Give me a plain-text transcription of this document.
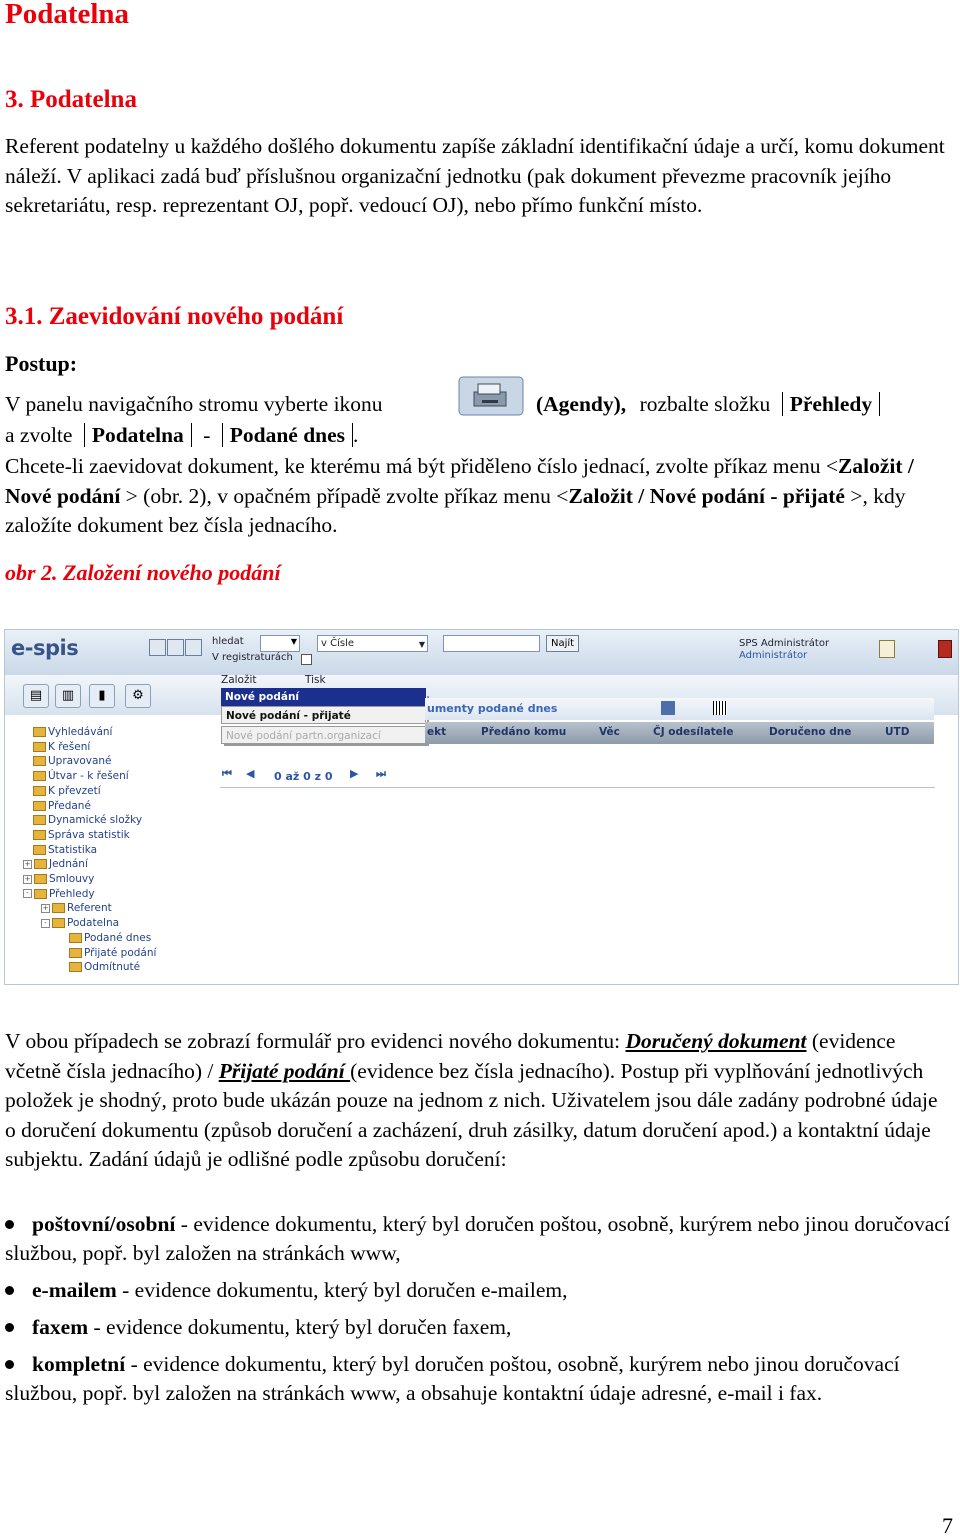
Podatelna
3. Podatelna
Referent podatelny u každého došlého dokumentu zapíše základní identifikační údaje a určí, komu dokument náleží. V aplikaci zadá buď příslušnou organizační jednotku (pak dokument převezme pracovník jejího sekretariátu, resp. reprezentant OJ, popř. vedoucí OJ), nebo přímo funkční místo.
3.1. Zaevidování nového podání
Postup:
V panelu navigačního stromu vyberte ikonu	(Agendy), rozbalte složku Přehledy
a zvolte Podatelna - Podané dnes .
Chcete-li zaevidovat dokument, ke kterému má být přiděleno číslo jednací, zvolte příkaz menu <Založit / Nové podání > (obr. 2), v opačném případě zvolte příkaz menu <Založit / Nové podání - přijaté >, kdy založíte dokument bez čísla jednacího.
obr 2. Založení nového podání
e-spis	hledat
V registraturách
▼	v Čísle	▼	Najít	SPS Administrátor
Administrátor
▤	▥	▮	⚙
Založit	Tisk
Nové podání
Nové podání - přijaté
Nové podání partn.organizací
umenty podané dnes
ekt	Předáno komu	Věc	ČJ odesílatele	Doručeno dne	UTD
⏮ ◀ 0 až 0 z 0 ▶ ⏭
Vyhledávání
K řešení
Upravované
Útvar - k řešení
K převzetí
Předané
Dynamické složky
Správa statistik
Statistika
+ Jednání
+ Smlouvy
- Přehledy
+ Referent
- Podatelna
Podané dnes
Přijaté podání
Odmítnuté
V obou případech se zobrazí formulář pro evidenci nového dokumentu: Doručený dokument (evidence včetně čísla jednacího) / Přijaté podání (evidence bez čísla jednacího). Postup při vyplňování jednotlivých položek je shodný, proto bude ukázán pouze na jednom z nich. Uživatelem jsou dále zadány podrobné údaje o doručení dokumentu (způsob doručení a zacházení, druh zásilky, datum doručení apod.) a kontaktní údaje subjektu. Zadání údajů je odlišné podle způsobu doručení:
poštovní/osobní - evidence dokumentu, který byl doručen poštou, osobně, kurýrem nebo jinou doručovací službou, popř. byl založen na stránkách www,
e-mailem - evidence dokumentu, který byl doručen e-mailem,
faxem - evidence dokumentu, který byl doručen faxem,
kompletní - evidence dokumentu, který byl doručen poštou, osobně, kurýrem nebo jinou doručovací službou, popř. byl založen na stránkách www, a obsahuje kontaktní údaje adresné, e-mail i fax.
7
